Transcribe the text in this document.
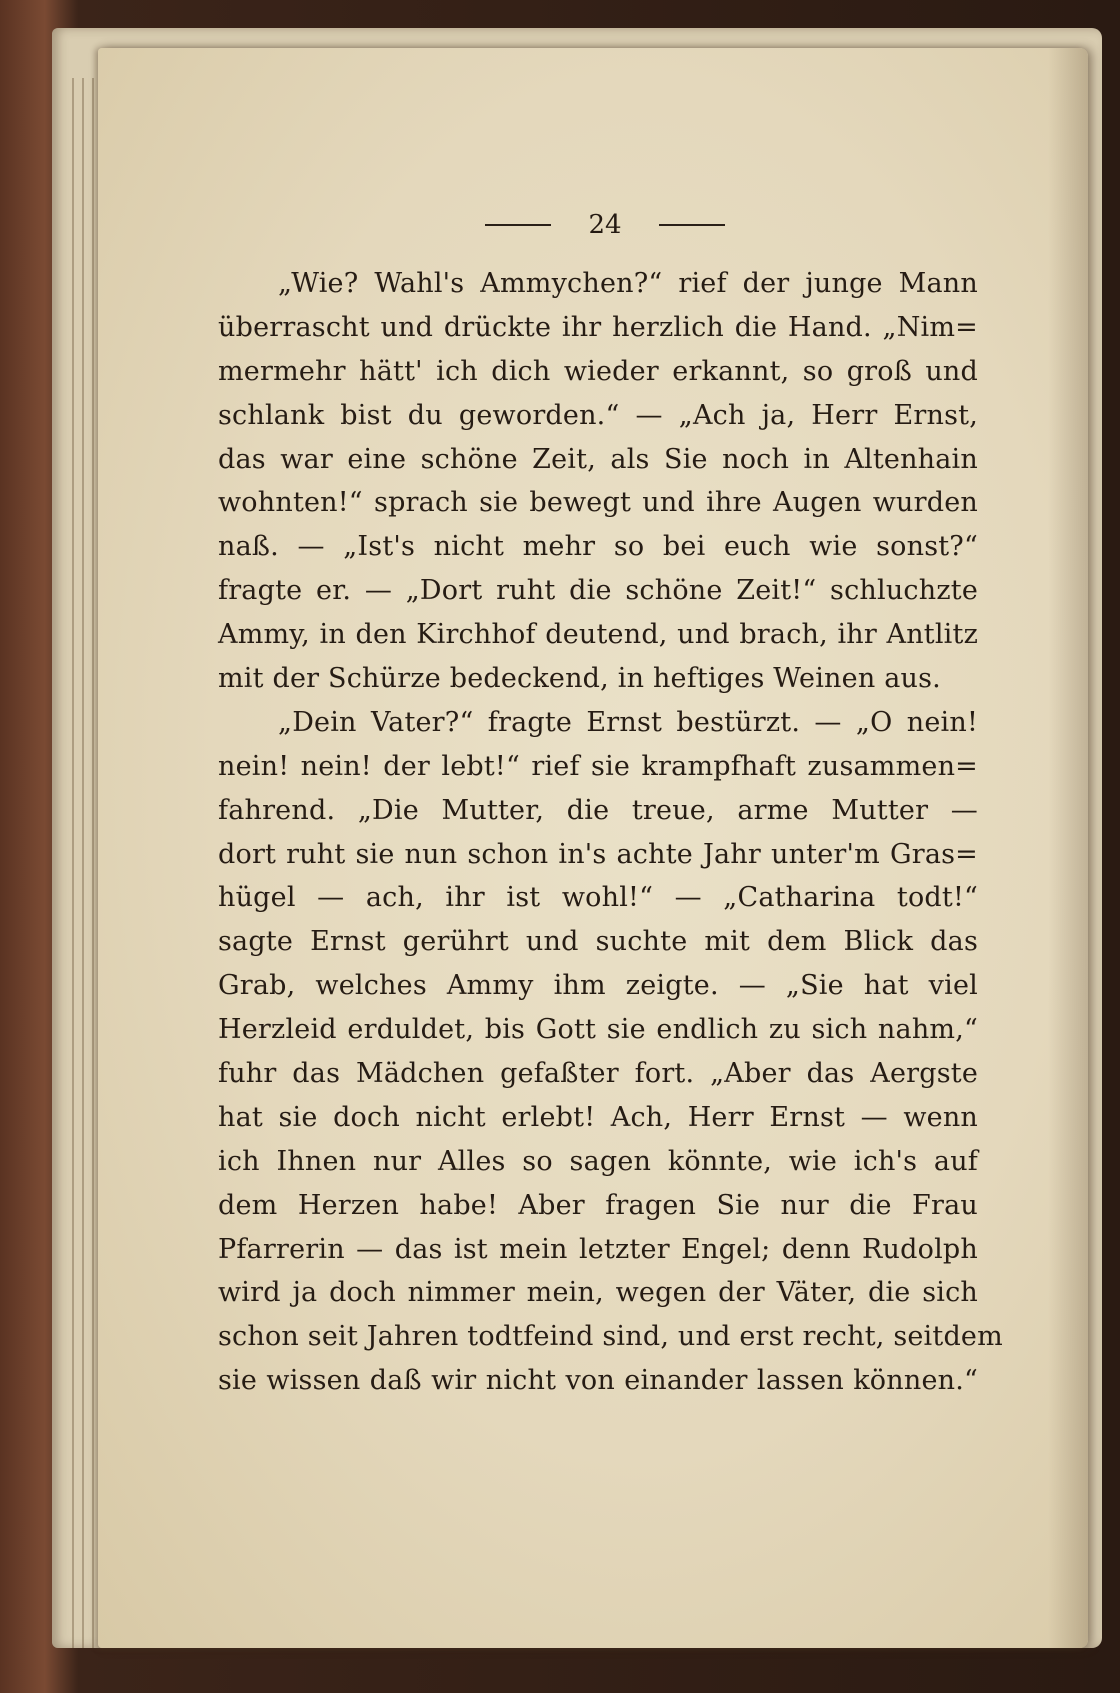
24
„Wie? Wahl's Ammychen?“ rief der junge Mann
überrascht und drückte ihr herzlich die Hand. „Nim=
mermehr hätt' ich dich wieder erkannt, so groß und
schlank bist du geworden.“ — „Ach ja, Herr Ernst,
das war eine schöne Zeit, als Sie noch in Altenhain
wohnten!“ sprach sie bewegt und ihre Augen wurden
naß. — „Ist's nicht mehr so bei euch wie sonst?“
fragte er. — „Dort ruht die schöne Zeit!“ schluchzte
Ammy, in den Kirchhof deutend, und brach, ihr Antlitz
mit der Schürze bedeckend, in heftiges Weinen aus.
„Dein Vater?“ fragte Ernst bestürzt. — „O nein!
nein! nein! der lebt!“ rief sie krampfhaft zusammen=
fahrend. „Die Mutter, die treue, arme Mutter —
dort ruht sie nun schon in's achte Jahr unter'm Gras=
hügel — ach, ihr ist wohl!“ — „Catharina todt!“
sagte Ernst gerührt und suchte mit dem Blick das
Grab, welches Ammy ihm zeigte. — „Sie hat viel
Herzleid erduldet, bis Gott sie endlich zu sich nahm,“
fuhr das Mädchen gefaßter fort. „Aber das Aergste
hat sie doch nicht erlebt! Ach, Herr Ernst — wenn
ich Ihnen nur Alles so sagen könnte, wie ich's auf
dem Herzen habe! Aber fragen Sie nur die Frau
Pfarrerin — das ist mein letzter Engel; denn Rudolph
wird ja doch nimmer mein, wegen der Väter, die sich
schon seit Jahren todtfeind sind, und erst recht, seitdem
sie wissen daß wir nicht von einander lassen können.“
